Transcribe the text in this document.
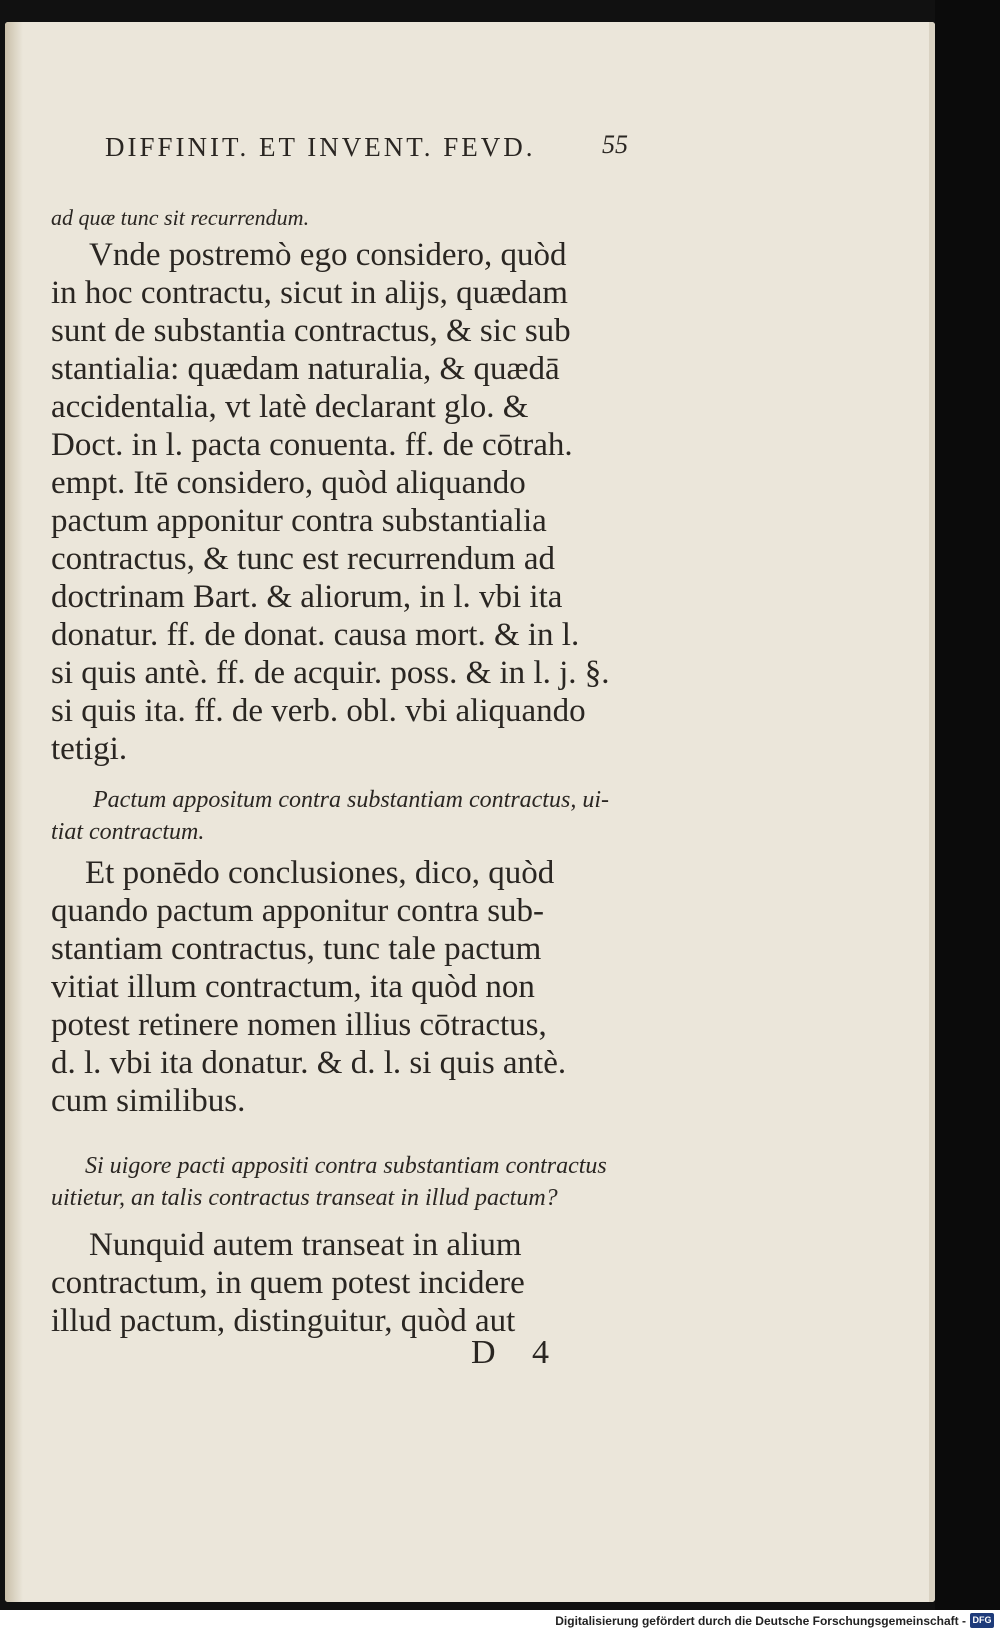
DIFFINIT. ET INVENT. FEVD.	55
ad quæ tunc sit recurrendum.
Vnde postremò ego considero, quòd
in hoc contractu, sicut in alijs, quædam
sunt de substantia contractus, & sic sub
stantialia: quædam naturalia, & quædā
accidentalia, vt latè declarant glo. &
Doct. in l. pacta conuenta. ff. de cōtrah.
empt. Itē considero, quòd aliquando
pactum apponitur contra substantialia
contractus, & tunc est recurrendum ad
doctrinam Bart. & aliorum, in l. vbi ita
donatur. ff. de donat. causa mort. & in l.
si quis antè. ff. de acquir. poss. & in l. j. §.
si quis ita. ff. de verb. obl. vbi aliquando
tetigi.
Pactum appositum contra substantiam contractus, ui-
tiat contractum.
Et ponēdo conclusiones, dico, quòd
quando pactum apponitur contra sub-
stantiam contractus, tunc tale pactum
vitiat illum contractum, ita quòd non
potest retinere nomen illius cōtractus,
d. l. vbi ita donatur. & d. l. si quis antè.
cum similibus.
Si uigore pacti appositi contra substantiam contractus
uitietur, an talis contractus transeat in illud pactum?
Nunquid autem transeat in alium
contractum, in quem potest incidere
illud pactum, distinguitur, quòd aut
D 4
Digitalisierung gefördert durch die Deutsche Forschungsgemeinschaft - DFG
